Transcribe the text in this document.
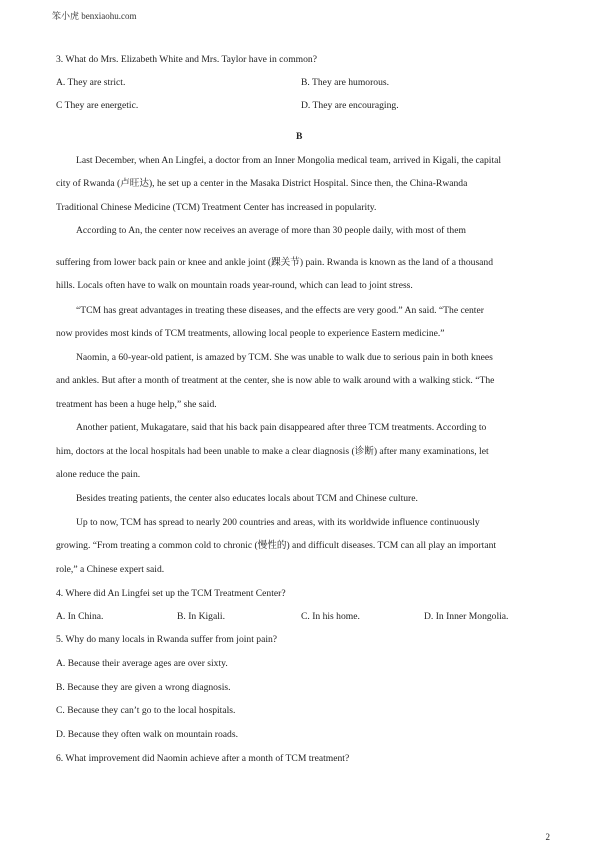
笨小虎 benxiaohu.com
3. What do Mrs. Elizabeth White and Mrs. Taylor have in common?
A. They are strict.	B. They are humorous.
C They are energetic.	D. They are encouraging.
B
Last December, when An Lingfei, a doctor from an Inner Mongolia medical team, arrived in Kigali, the capital
city of Rwanda (卢旺达), he set up a center in the Masaka District Hospital. Since then, the China-Rwanda
Traditional Chinese Medicine (TCM) Treatment Center has increased in popularity.
According to An, the center now receives an average of more than 30 people daily, with most of them
suffering from lower back pain or knee and ankle joint (踝关节) pain. Rwanda is known as the land of a thousand
hills. Locals often have to walk on mountain roads year-round, which can lead to joint stress.
“TCM has great advantages in treating these diseases, and the effects are very good.” An said. “The center
now provides most kinds of TCM treatments, allowing local people to experience Eastern medicine.”
Naomin, a 60-year-old patient, is amazed by TCM. She was unable to walk due to serious pain in both knees
and ankles. But after a month of treatment at the center, she is now able to walk around with a walking stick. “The
treatment has been a huge help,” she said.
Another patient, Mukagatare, said that his back pain disappeared after three TCM treatments. According to
him, doctors at the local hospitals had been unable to make a clear diagnosis (诊断) after many examinations, let
alone reduce the pain.
Besides treating patients, the center also educates locals about TCM and Chinese culture.
Up to now, TCM has spread to nearly 200 countries and areas, with its worldwide influence continuously
growing. “From treating a common cold to chronic (慢性的) and difficult diseases. TCM can all play an important
role,” a Chinese expert said.
4. Where did An Lingfei set up the TCM Treatment Center?
A. In China.	B. In Kigali.	C. In his home.	D. In Inner Mongolia.
5. Why do many locals in Rwanda suffer from joint pain?
A. Because their average ages are over sixty.
B. Because they are given a wrong diagnosis.
C. Because they can’t go to the local hospitals.
D. Because they often walk on mountain roads.
6. What improvement did Naomin achieve after a month of TCM treatment?
2
